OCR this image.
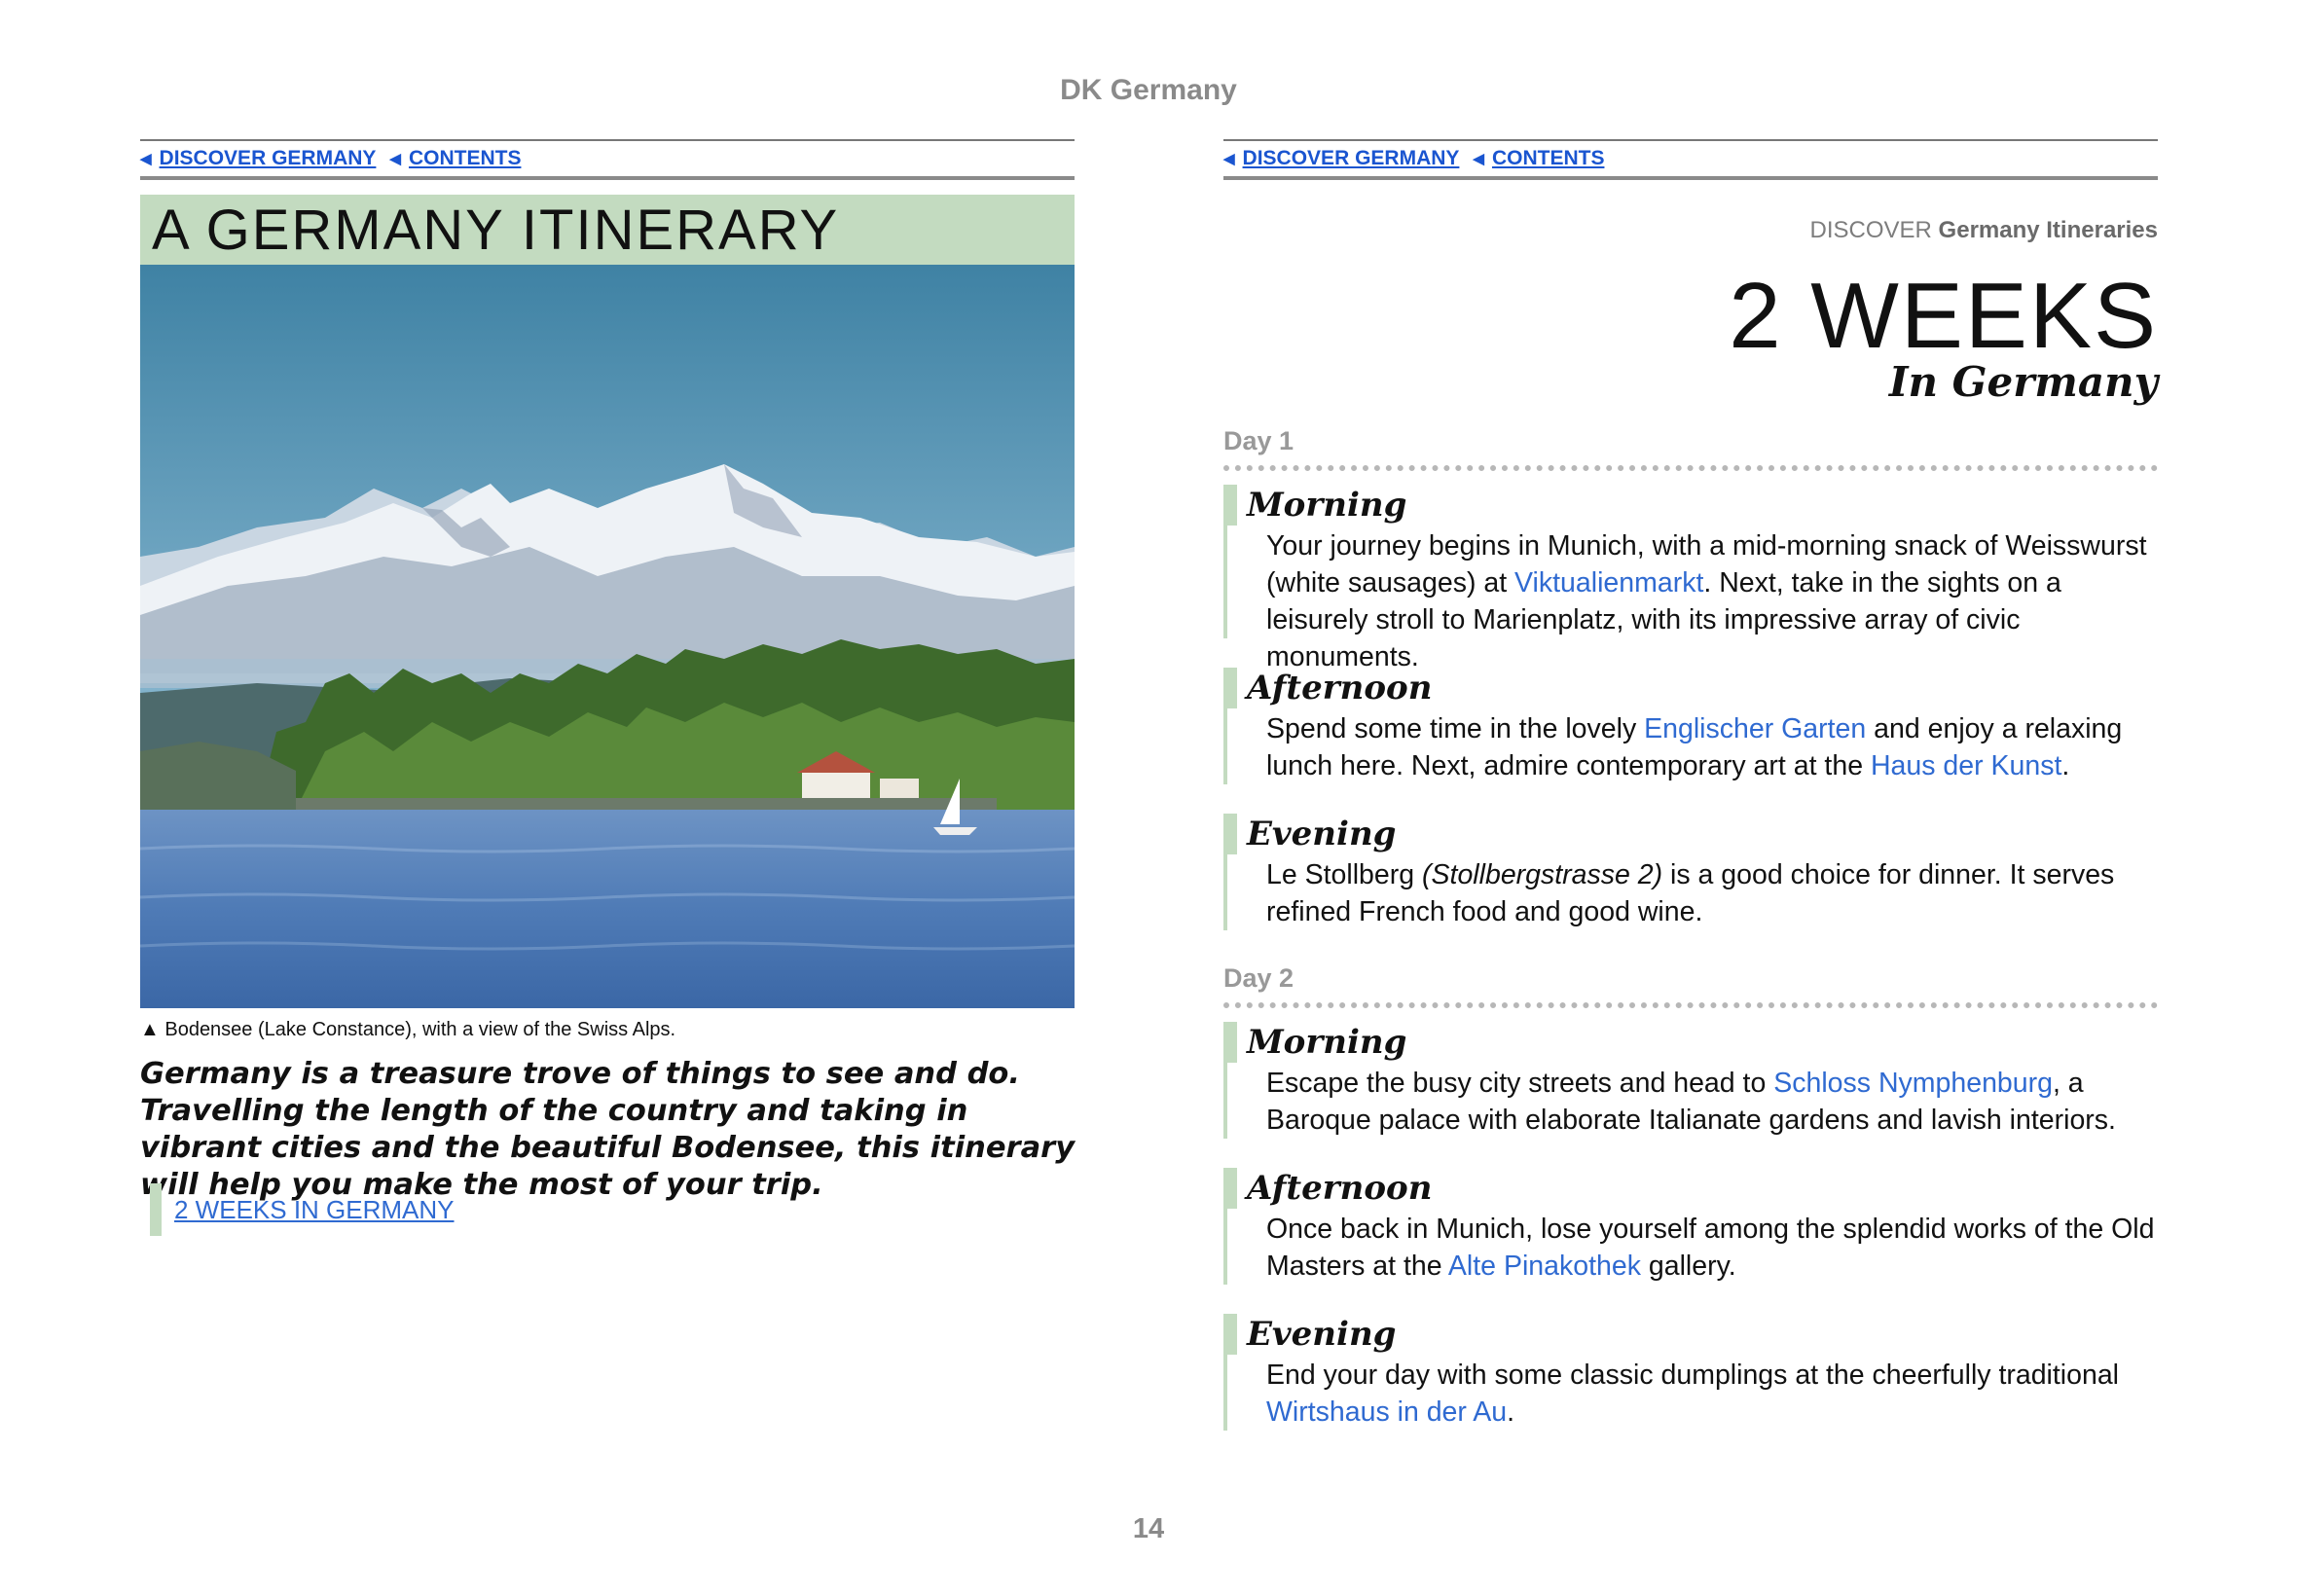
DK Germany
◀ DISCOVER GERMANY ◀ CONTENTS
A GERMANY ITINERARY
▲ Bodensee (Lake Constance), with a view of the Swiss Alps.
Germany is a treasure trove of things to see and do. Travelling the length of the country and taking in vibrant cities and the beautiful Bodensee, this itinerary will help you make the most of your trip.
2 WEEKS IN GERMANY
◀ DISCOVER GERMANY ◀ CONTENTS
DISCOVER Germany Itineraries
2 WEEKS
In Germany
Day 1
Morning
Your journey begins in Munich, with a mid-morning snack of Weisswurst (white sausages) at Viktualienmarkt. Next, take in the sights on a leisurely stroll to Marienplatz, with its impressive array of civic monuments.
Afternoon
Spend some time in the lovely Englischer Garten and enjoy a relaxing lunch here. Next, admire contemporary art at the Haus der Kunst.
Evening
Le Stollberg (Stollbergstrasse 2) is a good choice for dinner. It serves refined French food and good wine.
Day 2
Morning
Escape the busy city streets and head to Schloss Nymphenburg, a Baroque palace with elaborate Italianate gardens and lavish interiors.
Afternoon
Once back in Munich, lose yourself among the splendid works of the Old Masters at the Alte Pinakothek gallery.
Evening
End your day with some classic dumplings at the cheerfully traditional Wirtshaus in der Au.
14
